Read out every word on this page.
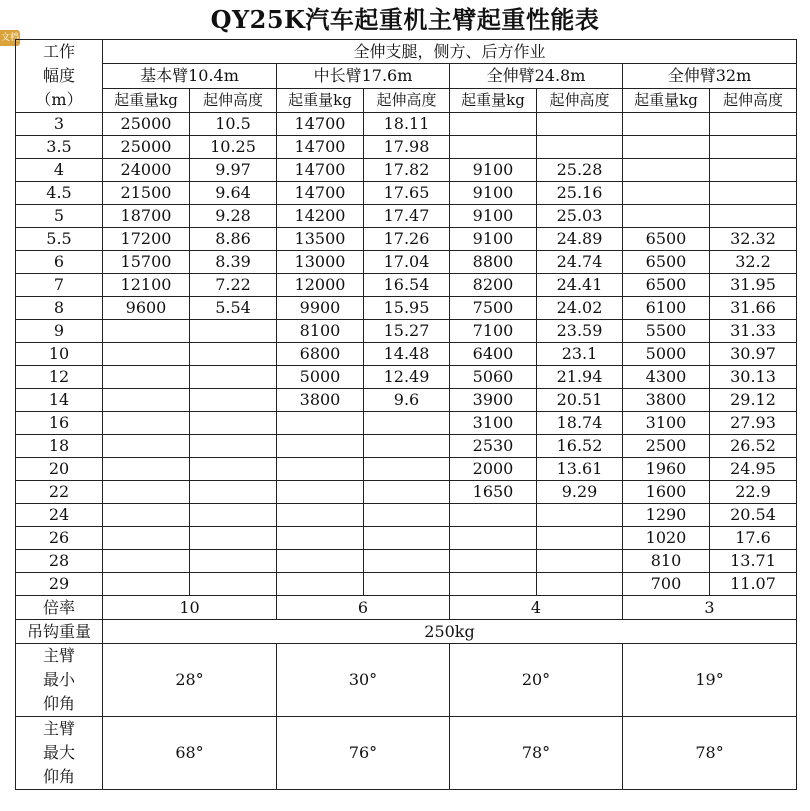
QY25K汽车起重机主臂起重性能表
文档
工作
幅度
（m）	全伸支腿，侧方、后方作业							
	基本臂10.4m		中长臂17.6m		全伸臂24.8m		全伸臂32m	
	起重量kg	起伸高度	起重量kg	起伸高度	起重量kg	起伸高度	起重量kg	起伸高度
3	25000	10.5	14700	18.11				
3.5	25000	10.25	14700	17.98				
4	24000	9.97	14700	17.82	9100	25.28		
4.5	21500	9.64	14700	17.65	9100	25.16		
5	18700	9.28	14200	17.47	9100	25.03		
5.5	17200	8.86	13500	17.26	9100	24.89	6500	32.32
6	15700	8.39	13000	17.04	8800	24.74	6500	32.2
7	12100	7.22	12000	16.54	8200	24.41	6500	31.95
8	9600	5.54	9900	15.95	7500	24.02	6100	31.66
9			8100	15.27	7100	23.59	5500	31.33
10			6800	14.48	6400	23.1	5000	30.97
12			5000	12.49	5060	21.94	4300	30.13
14			3800	9.6	3900	20.51	3800	29.12
16					3100	18.74	3100	27.93
18					2530	16.52	2500	26.52
20					2000	13.61	1960	24.95
22					1650	9.29	1600	22.9
24							1290	20.54
26							1020	17.6
28							810	13.71
29							700	11.07
倍率	10		6		4		3	
吊钩重量	250kg							

主臂
最小
仰角	28°		30°		20°		19°	

主臂
最大
仰角	68°		76°		78°		78°	
